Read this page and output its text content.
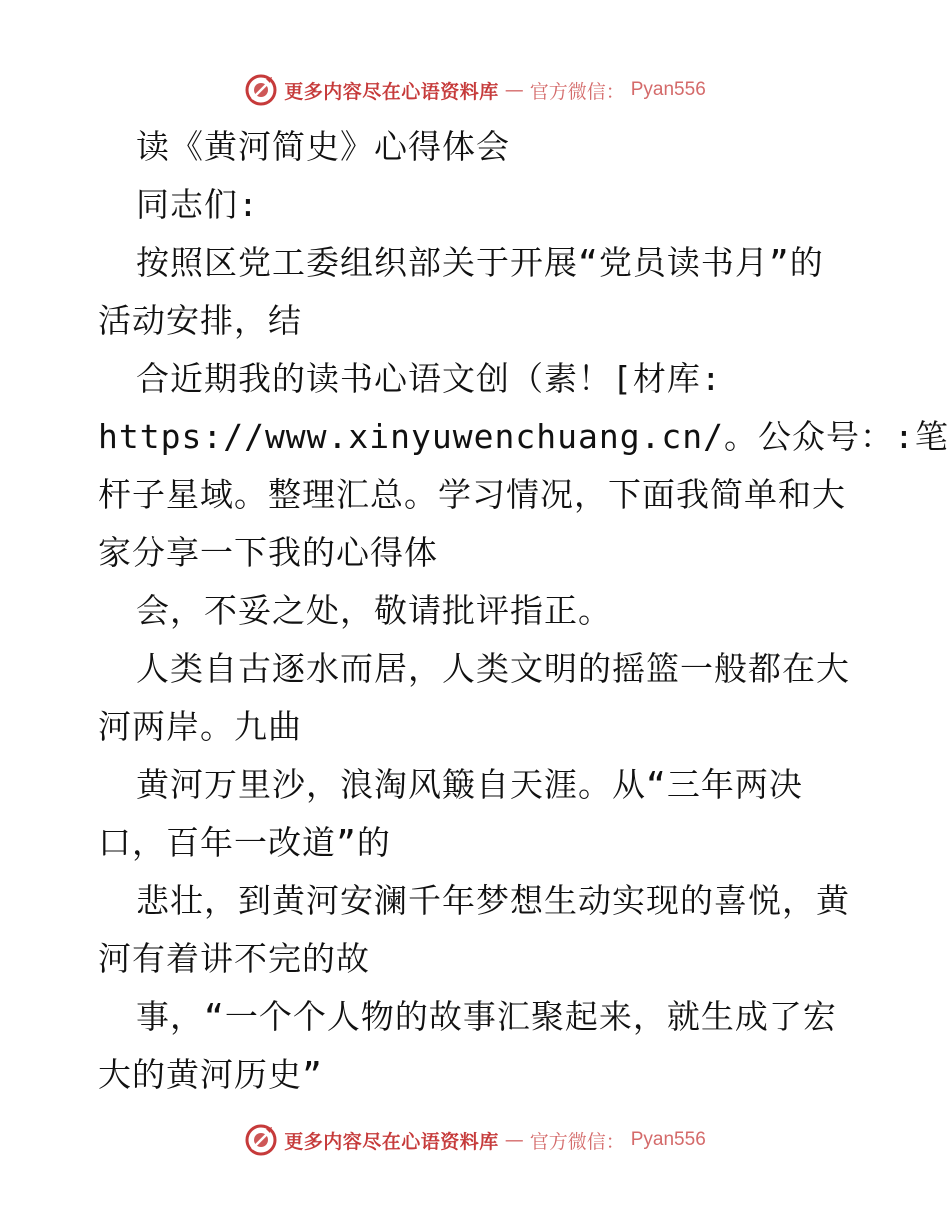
更多内容尽在心语资料库 — 官方微信： Pyan556
读《黄河简史》心得体会
同志们:
按照区党工委组织部关于开展“党员读书月”的
活动安排，结
合近期我的读书心语文创（素！[材库:
https://www.xinyuwenchuang.cn/。公众号：:笔
杆子星域。整理汇总。学习情况，下面我简单和大
家分享一下我的心得体
会，不妥之处，敬请批评指正。
人类自古逐水而居，人类文明的摇篮一般都在大
河两岸。九曲
黄河万里沙，浪淘风簸自天涯。从“三年两决
口，百年一改道”的
悲壮，到黄河安澜千年梦想生动实现的喜悦，黄
河有着讲不完的故
事，“一个个人物的故事汇聚起来，就生成了宏
大的黄河历史”
更多内容尽在心语资料库 — 官方微信： Pyan556
